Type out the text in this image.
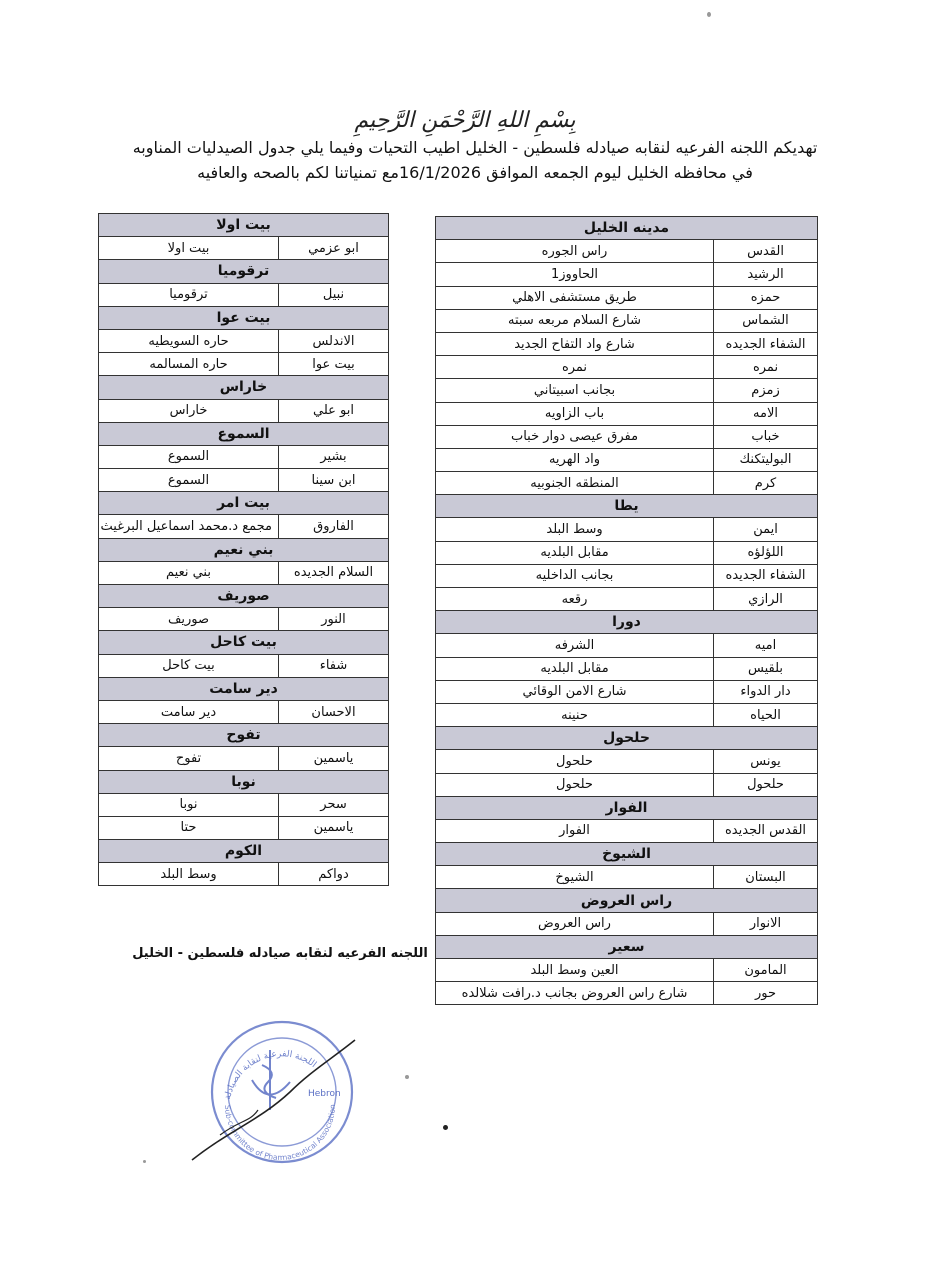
بِسْمِ اللهِ الرَّحْمَنِ الرَّحِيمِ
تهديكم اللجنه الفرعيه لنقابه صيادله فلسطين - الخليل اطيب التحيات وفيما يلي جدول الصيدليات المناوبه
في محافظه الخليل ليوم الجمعه الموافق 16/1/2026مع تمنياتنا لكم بالصحه والعافيه
مدينه الخليل	
القدس	راس الجوره
الرشيد	الحاووز1
حمزه	طريق مستشفى الاهلي
الشماس	شارع السلام مربعه سبته
الشفاء الجديده	شارع واد التفاح الجديد
نمره	نمره
زمزم	بجانب اسبيتاني
الامه	باب الزاويه
خباب	مفرق عيصى دوار خباب
البوليتكنك	واد الهريه
كرم	المنطقه الجنوبيه
يطا	
ايمن	وسط البلد
اللؤلؤه	مقابل البلديه
الشفاء الجديده	بجانب الداخليه
الرازي	رقعه
دورا	
اميه	الشرفه
بلقيس	مقابل البلديه
دار الدواء	شارع الامن الوقائي
الحياه	حنينه
حلحول	
يونس	حلحول
حلحول	حلحول
الفوار	
القدس الجديده	الفوار
الشيوخ	
البستان	الشيوخ
راس العروض	
الانوار	راس العروض
سعير	
المامون	العين وسط البلد
حور	شارع راس العروض بجانب د.رافت شلالده
بيت اولا	
ابو عزمي	بيت اولا
ترقوميا	
نبيل	ترقوميا
بيت عوا	
الاندلس	حاره السويطيه
بيت عوا	حاره المسالمه
خاراس	
ابو علي	خاراس
السموع	
بشير	السموع
ابن سينا	السموع
بيت امر	
الفاروق	مجمع د.محمد اسماعيل البرغيث
بني نعيم	
السلام الجديده	بني نعيم
صوريف	
النور	صوريف
بيت كاحل	
شفاء	بيت كاحل
دير سامت	
الاحسان	دير سامت
تفوح	
ياسمين	تفوح
نوبا	
سحر	نوبا
ياسمين	حتا
الكوم	
دواكم	وسط البلد
اللجنه الفرعيه لنقابه صيادله فلسطين - الخليل
اللجنة الفرعية لنقابة الصيادلة
Sub-committee of Pharmaceutical Association
Hebron
